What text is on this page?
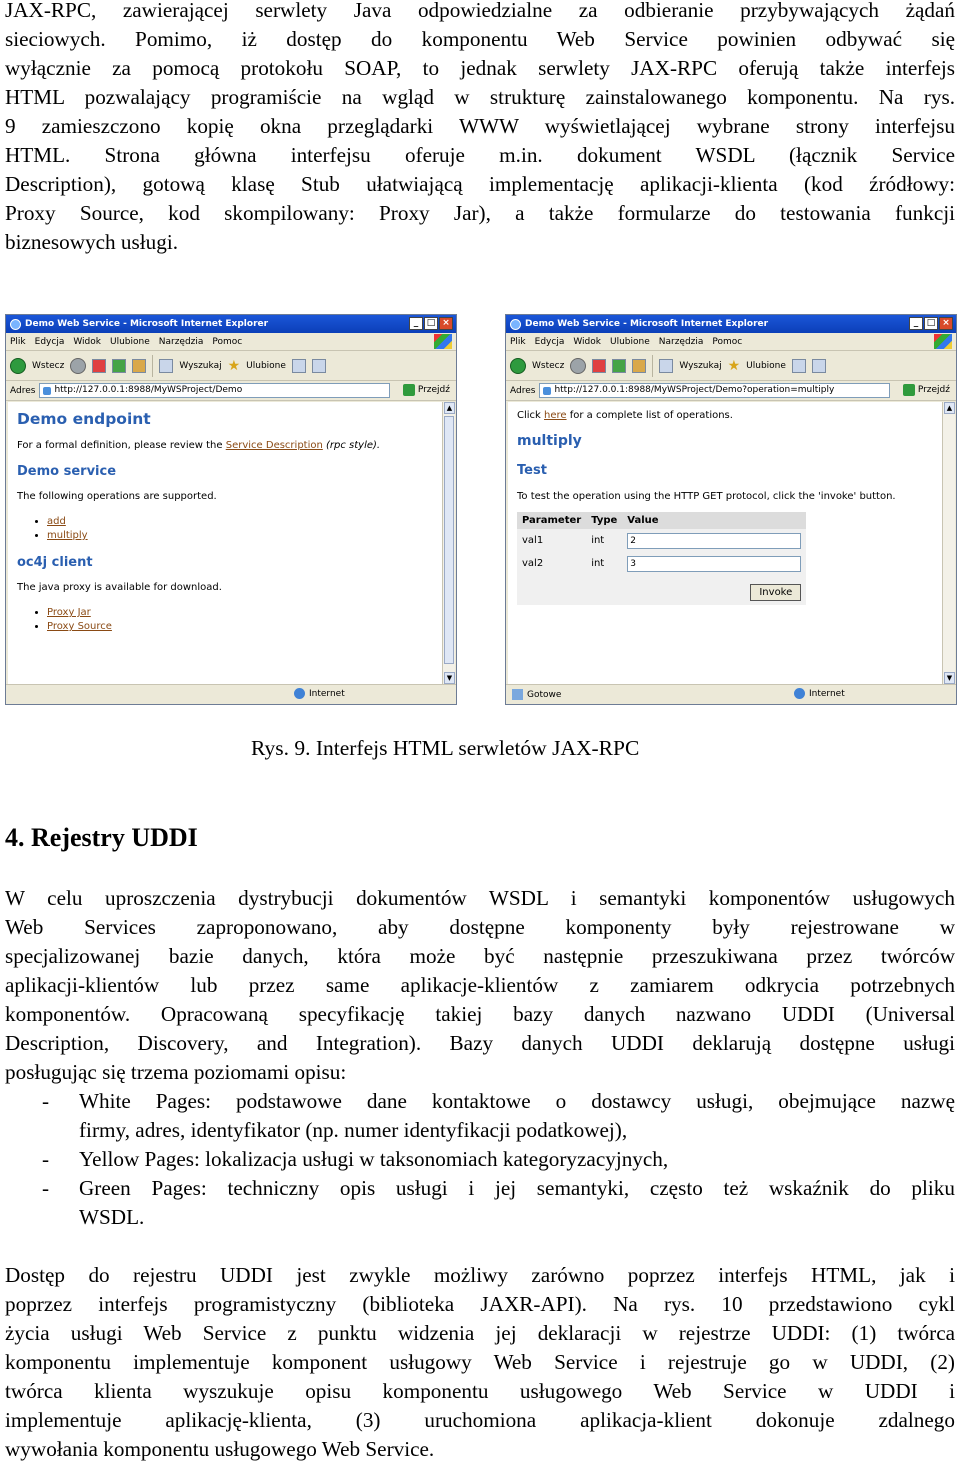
JAX-RPC, zawierającej serwlety Java odpowiedzialne za odbieranie przybywających żądań
sieciowych. Pomimo, iż dostęp do komponentu Web Service powinien odbywać się
wyłącznie za pomocą protokołu SOAP, to jednak serwlety JAX-RPC oferują także interfejs
HTML pozwalający programiście na wgląd w strukturę zainstalowanego komponentu. Na rys.
9 zamieszczono kopię okna przeglądarki WWW wyświetlającej wybrane strony interfejsu
HTML. Strona główna interfejsu oferuje m.in. dokument WSDL (łącznik Service
Description), gotową klasę Stub ułatwiającą implementację aplikacji-klienta (kod źródłowy:
Proxy Source, kod skompilowany: Proxy Jar), a także formularze do testowania funkcji
biznesowych usługi.
Demo Web Service - Microsoft Internet Explorer	_ □ ×
Plik Edycja Widok Ulubione Narzędzia Pomoc
Wstecz	Wyszukaj ★ Ulubione
Adres	http://127.0.0.1:8988/MyWSProject/Demo	Przejdź
Demo endpoint
For a formal definition, please review the Service Description (rpc style).
Demo service
The following operations are supported.
• add
• multiply
oc4j client
The java proxy is available for download.
• Proxy Jar
• Proxy Source
▲
▼
Internet
Demo Web Service - Microsoft Internet Explorer	_ □ ×
Plik Edycja Widok Ulubione Narzędzia Pomoc
Wstecz	Wyszukaj ★ Ulubione
Adres	http://127.0.0.1:8988/MyWSProject/Demo?operation=multiply	Przejdź
Click here for a complete list of operations.
multiply
Test
To test the operation using the HTTP GET protocol, click the 'invoke' button.
Parameter	Type	Value
val1	int	2
val2	int	3

Invoke		
▲
▼
Gotowe	Internet
Rys. 9. Interfejs HTML serwletów JAX-RPC
4. Rejestry UDDI
W celu uproszczenia dystrybucji dokumentów WSDL i semantyki komponentów usługowych
Web Services zaproponowano, aby dostępne komponenty były rejestrowane w
specjalizowanej bazie danych, która może być następnie przeszukiwana przez twórców
aplikacji-klientów lub przez same aplikacje-klientów z zamiarem odkrycia potrzebnych
komponentów. Opracowaną specyfikację takiej bazy danych nazwano UDDI (Universal
Description, Discovery, and Integration). Bazy danych UDDI deklarują dostępne usługi
posługując się trzema poziomami opisu:
- White Pages: podstawowe dane kontaktowe o dostawcy usługi, obejmujące nazwę
firmy, adres, identyfikator (np. numer identyfikacji podatkowej),
- Yellow Pages: lokalizacja usługi w taksonomiach kategoryzacyjnych,
- Green Pages: techniczny opis usługi i jej semantyki, często też wskaźnik do pliku
WSDL.
Dostęp do rejestru UDDI jest zwykle możliwy zarówno poprzez interfejs HTML, jak i
poprzez interfejs programistyczny (biblioteka JAXR-API). Na rys. 10 przedstawiono cykl
życia usługi Web Service z punktu widzenia jej deklaracji w rejestrze UDDI: (1) twórca
komponentu implementuje komponent usługowy Web Service i rejestruje go w UDDI, (2)
twórca klienta wyszukuje opisu komponentu usługowego Web Service w UDDI i
implementuje aplikację-klienta, (3) uruchomiona aplikacja-klient dokonuje zdalnego
wywołania komponentu usługowego Web Service.
